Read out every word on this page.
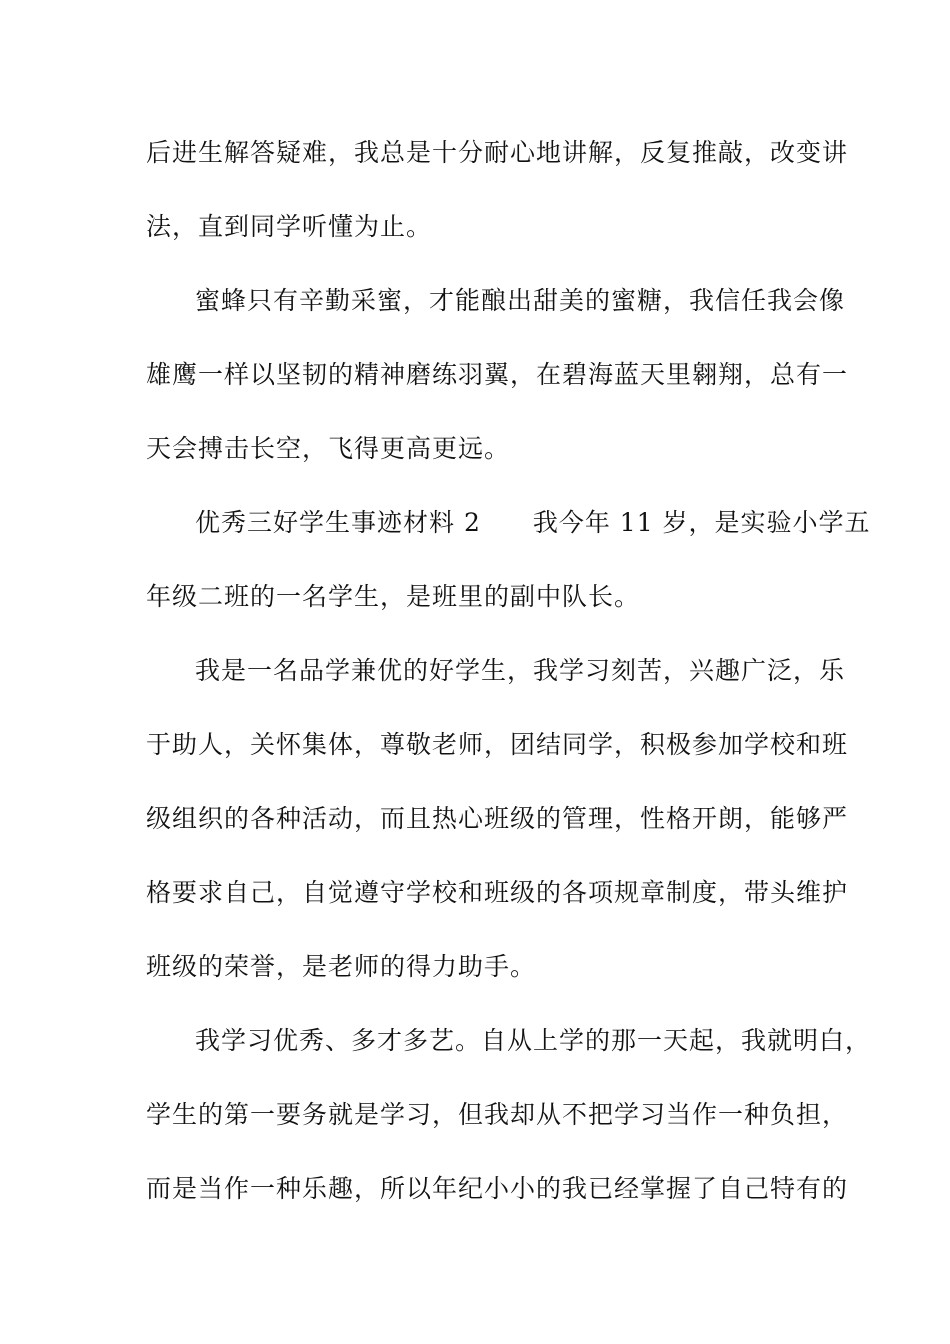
后进生解答疑难，我总是十分耐心地讲解，反复推敲，改变讲

法，直到同学听懂为止。

蜜蜂只有辛勤采蜜，才能酿出甜美的蜜糖，我信任我会像

雄鹰一样以坚韧的精神磨练羽翼，在碧海蓝天里翱翔，总有一

天会搏击长空，飞得更高更远。

优秀三好学生事迹材料 2　　我今年 11 岁，是实验小学五

年级二班的一名学生，是班里的副中队长。

我是一名品学兼优的好学生，我学习刻苦，兴趣广泛，乐

于助人，关怀集体，尊敬老师，团结同学，积极参加学校和班

级组织的各种活动，而且热心班级的管理，性格开朗，能够严

格要求自己，自觉遵守学校和班级的各项规章制度，带头维护

班级的荣誉，是老师的得力助手。

我学习优秀、多才多艺。自从上学的那一天起，我就明白，

学生的第一要务就是学习，但我却从不把学习当作一种负担，

而是当作一种乐趣，所以年纪小小的我已经掌握了自己特有的
